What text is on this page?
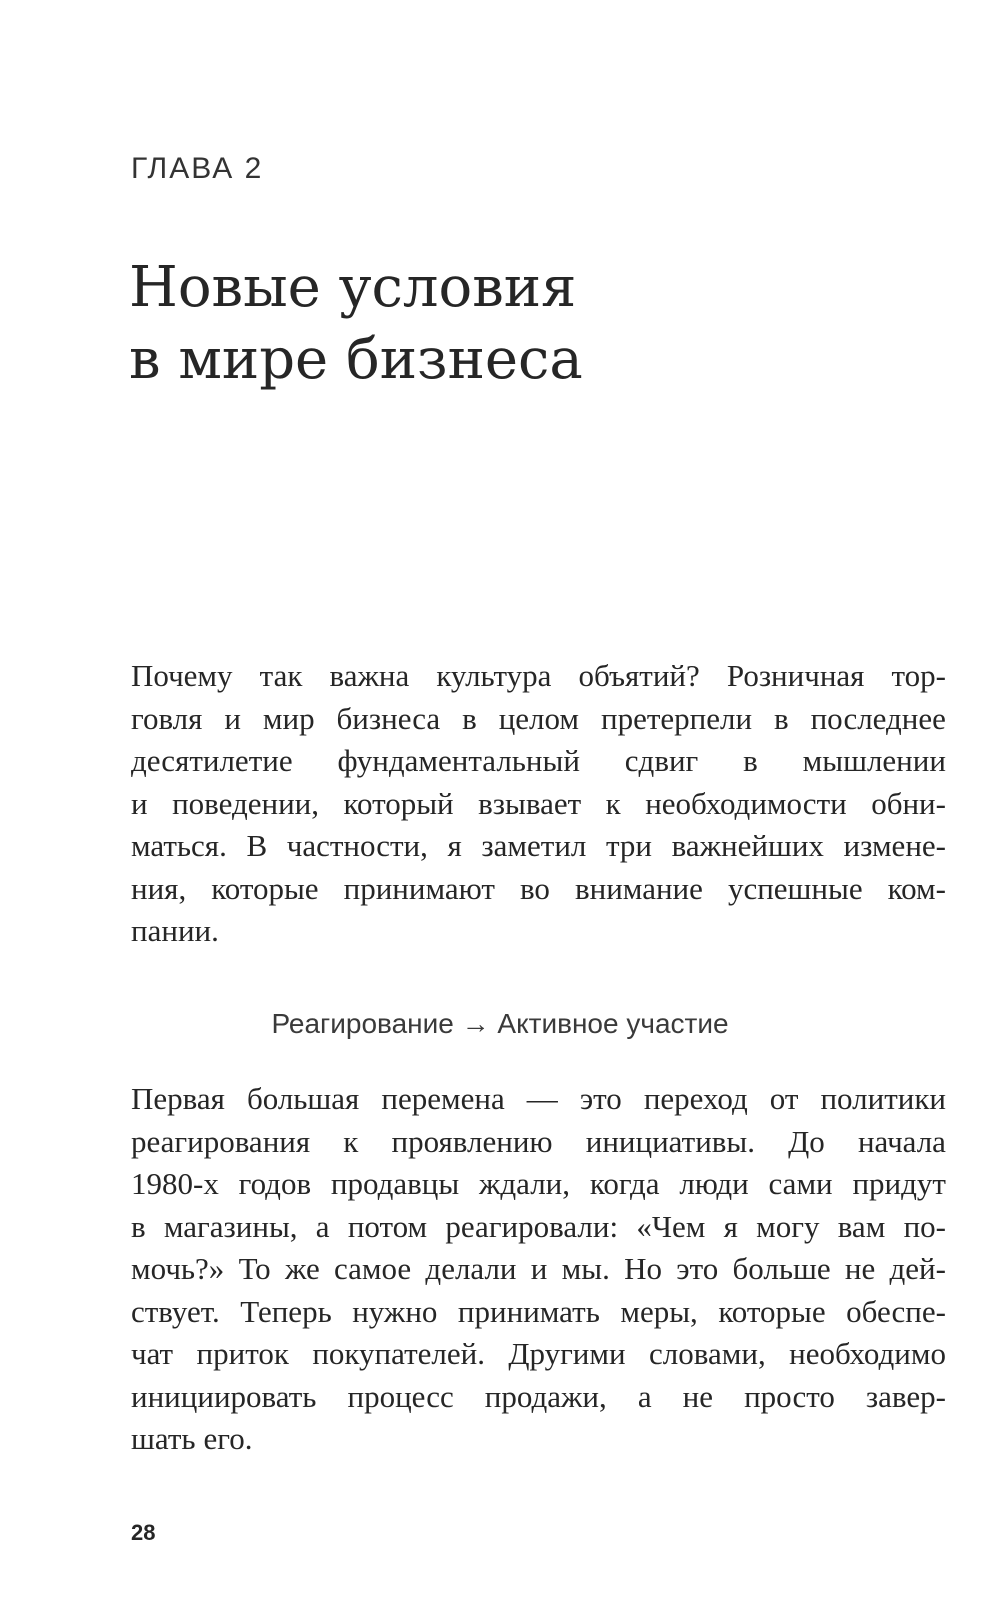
ГЛАВА 2
Новые условия
в мире бизнеса
Почему так важна культура объятий? Розничная тор-
говля и мир бизнеса в целом претерпели в последнее
десятилетие фундаментальный сдвиг в мышлении
и поведении, который взывает к необходимости обни-
маться. В частности, я заметил три важнейших измене-
ния, которые принимают во внимание успешные ком-
пании.
Реагирование → Активное участие
Первая большая перемена — это переход от политики
реагирования к проявлению инициативы. До начала
1980-х годов продавцы ждали, когда люди сами придут
в магазины, а потом реагировали: «Чем я могу вам по-
мочь?» То же самое делали и мы. Но это больше не дей-
ствует. Теперь нужно принимать меры, которые обеспе-
чат приток покупателей. Другими словами, необходимо
инициировать процесс продажи, а не просто завер-
шать его.
28
